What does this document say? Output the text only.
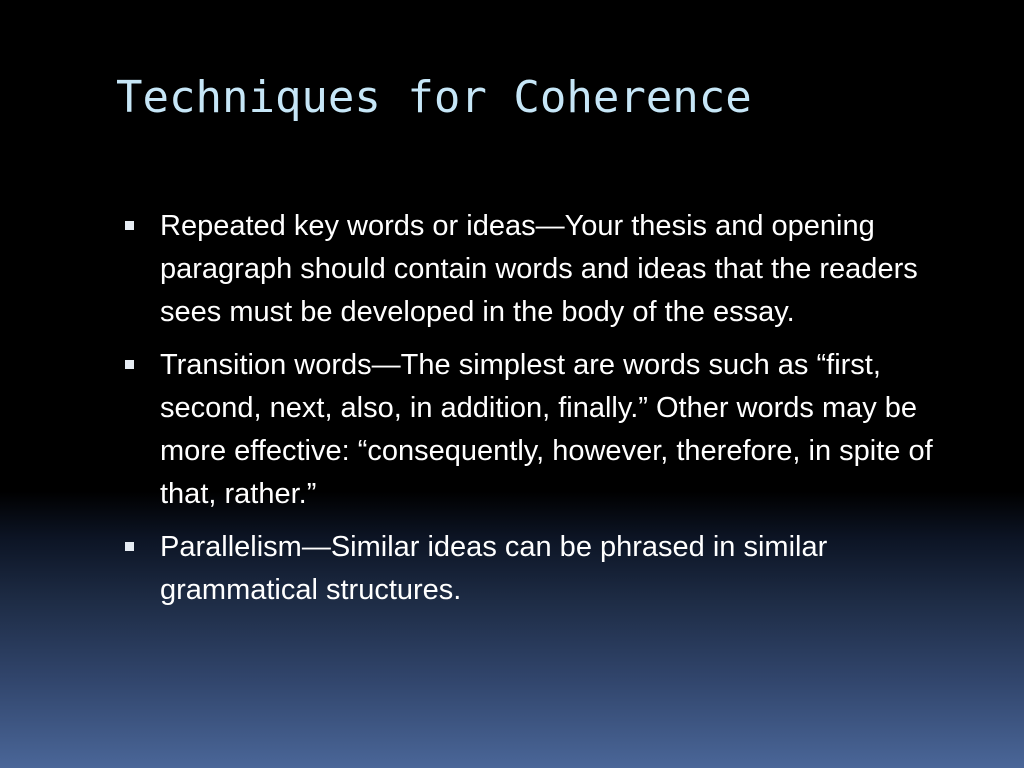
Techniques for Coherence
Repeated key words or ideas—Your thesis and opening paragraph should contain words and ideas that the readers sees must be developed in the body of the essay.
Transition words—The simplest are words such as “first, second, next, also, in addition, finally.” Other words may be more effective: “consequently, however, therefore, in spite of that, rather.”
Parallelism—Similar ideas can be phrased in similar grammatical structures.
